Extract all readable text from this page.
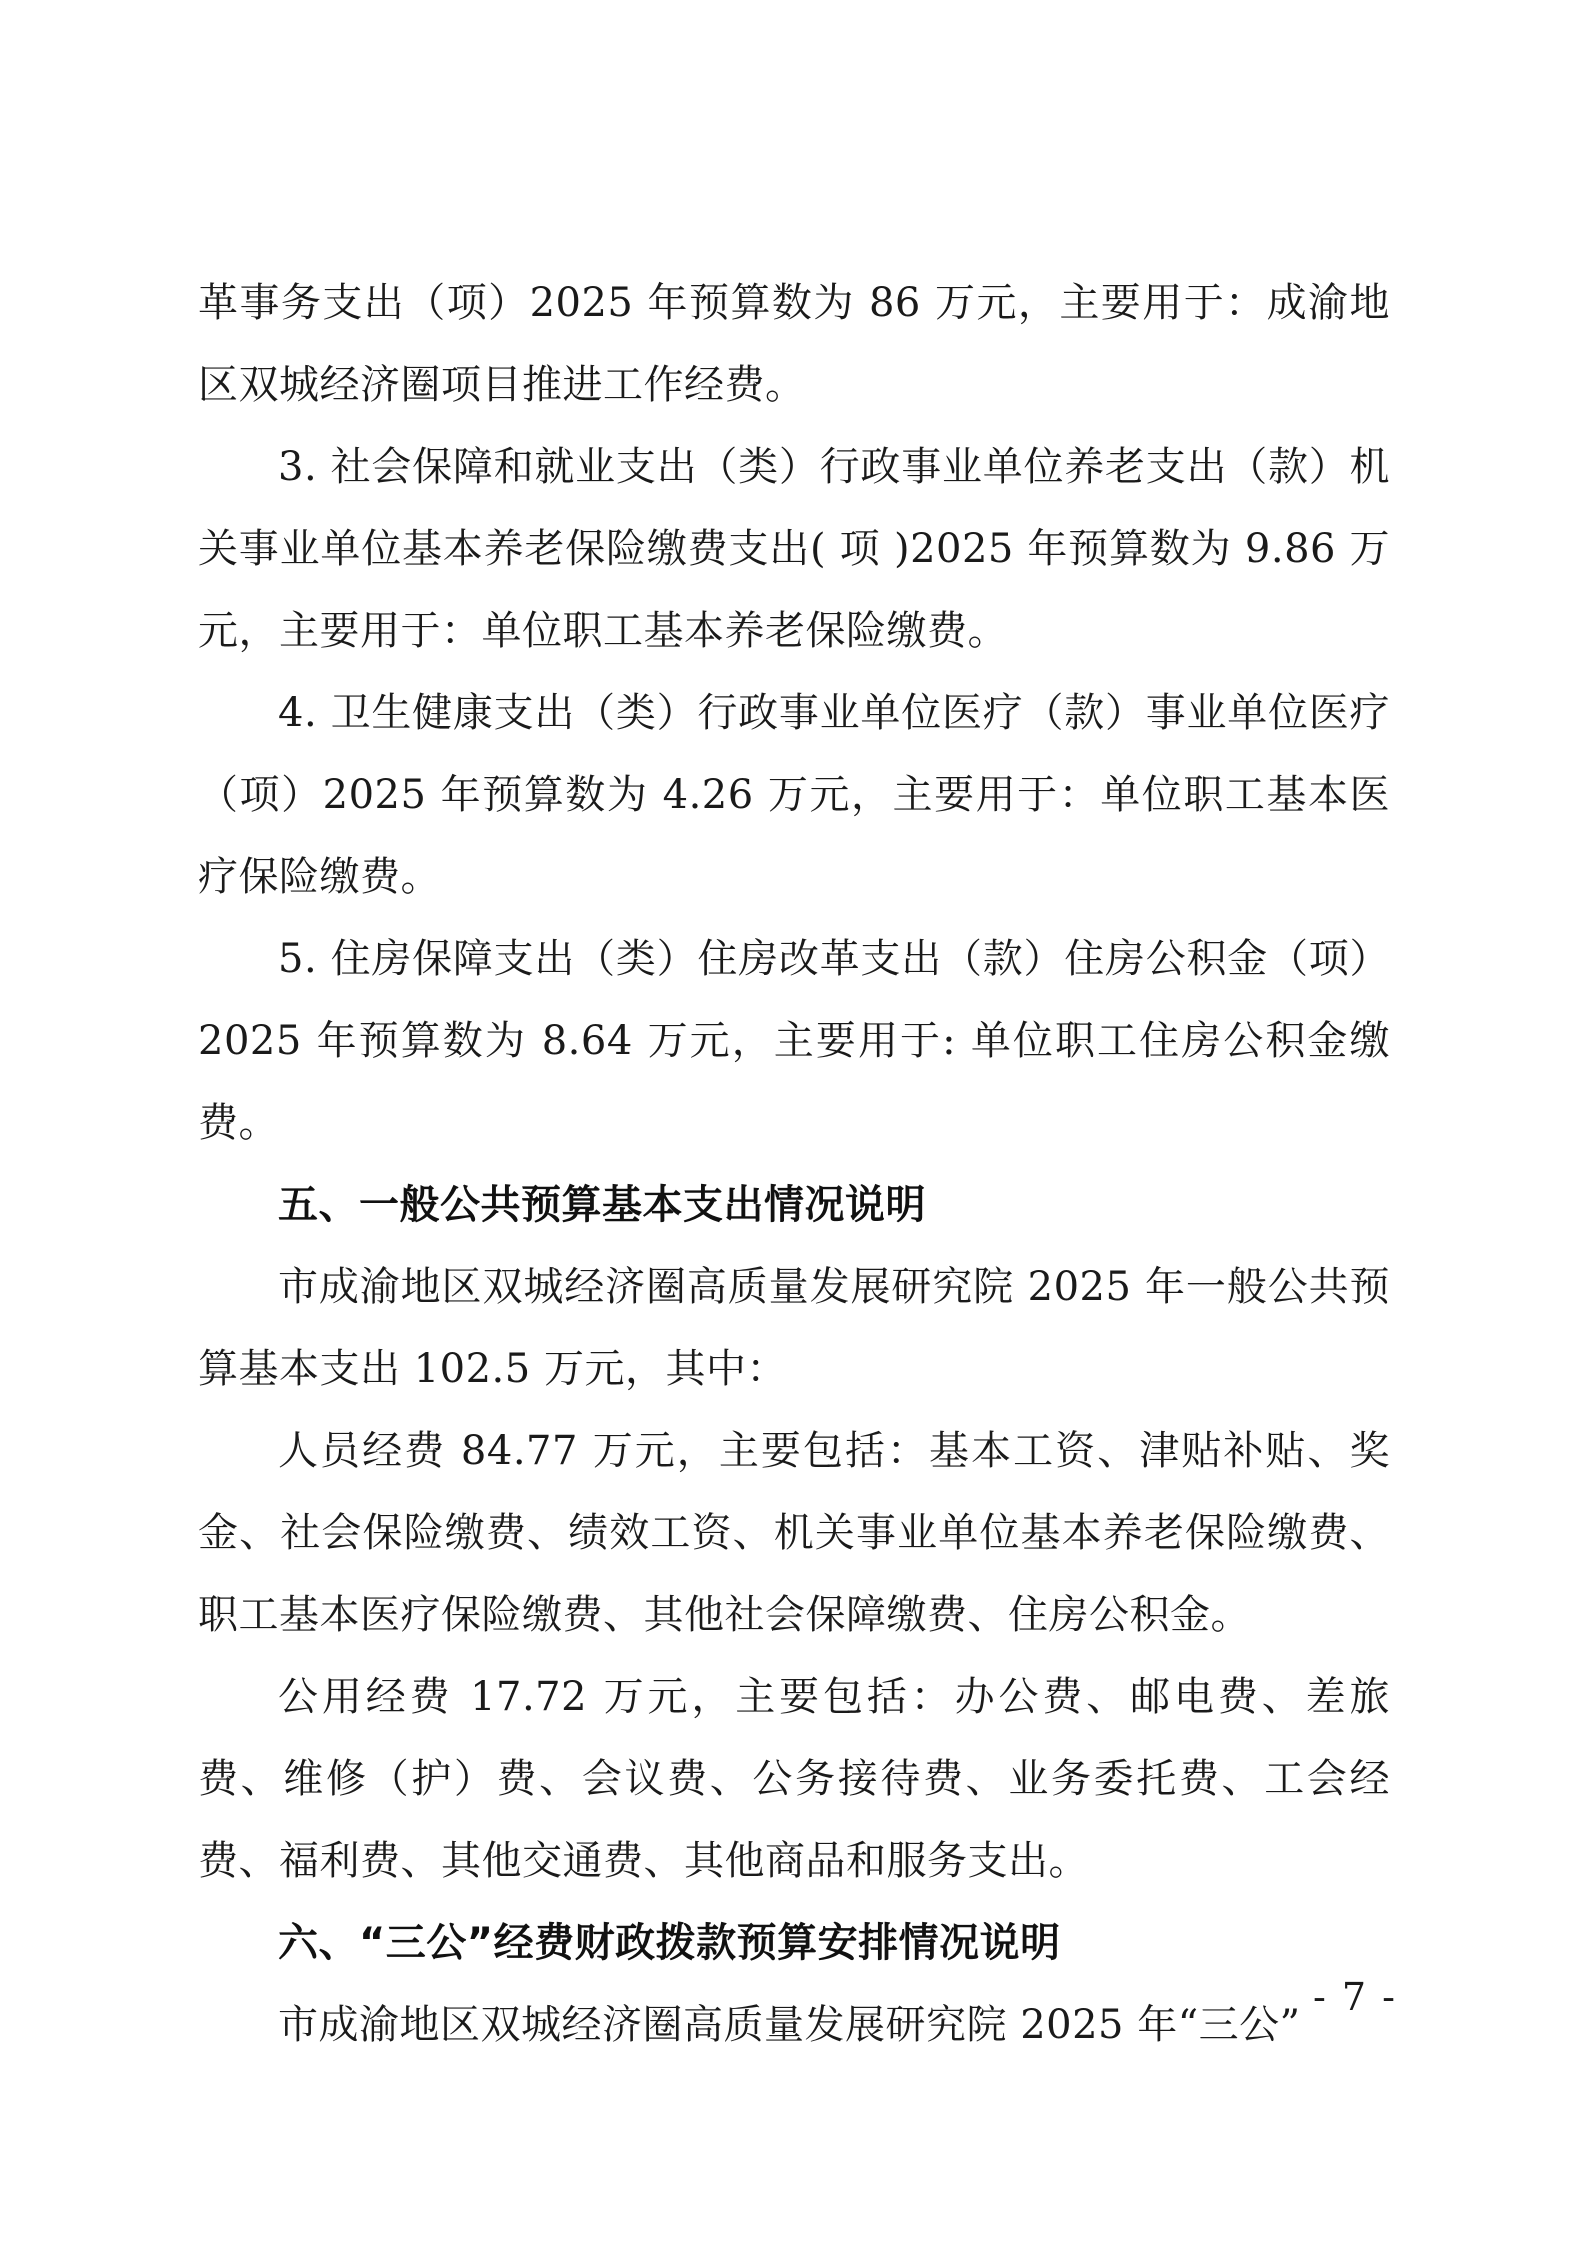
革事务支出（项）2025 年预算数为 86 万元，主要用于：成渝地区双城经济圈项目推进工作经费。

3. 社会保障和就业支出（类）行政事业单位养老支出（款）机关事业单位基本养老保险缴费支出( 项 )2025 年预算数为 9.86 万元，主要用于：单位职工基本养老保险缴费。

4. 卫生健康支出（类）行政事业单位医疗（款）事业单位医疗（项）2025 年预算数为 4.26 万元，主要用于：单位职工基本医疗保险缴费。

5. 住房保障支出（类）住房改革支出（款）住房公积金（项）2025 年预算数为 8.64 万元，主要用于: 单位职工住房公积金缴费。

五、一般公共预算基本支出情况说明

市成渝地区双城经济圈高质量发展研究院 2025 年一般公共预算基本支出 102.5 万元，其中：

人员经费 84.77 万元，主要包括：基本工资、津贴补贴、奖金、社会保险缴费、绩效工资、机关事业单位基本养老保险缴费、职工基本医疗保险缴费、其他社会保障缴费、住房公积金。

公用经费 17.72 万元，主要包括：办公费、邮电费、差旅费、维修（护）费、会议费、公务接待费、业务委托费、工会经费、福利费、其他交通费、其他商品和服务支出。

六、“三公”经费财政拨款预算安排情况说明

市成渝地区双城经济圈高质量发展研究院 2025 年“三公”

- 7 -
